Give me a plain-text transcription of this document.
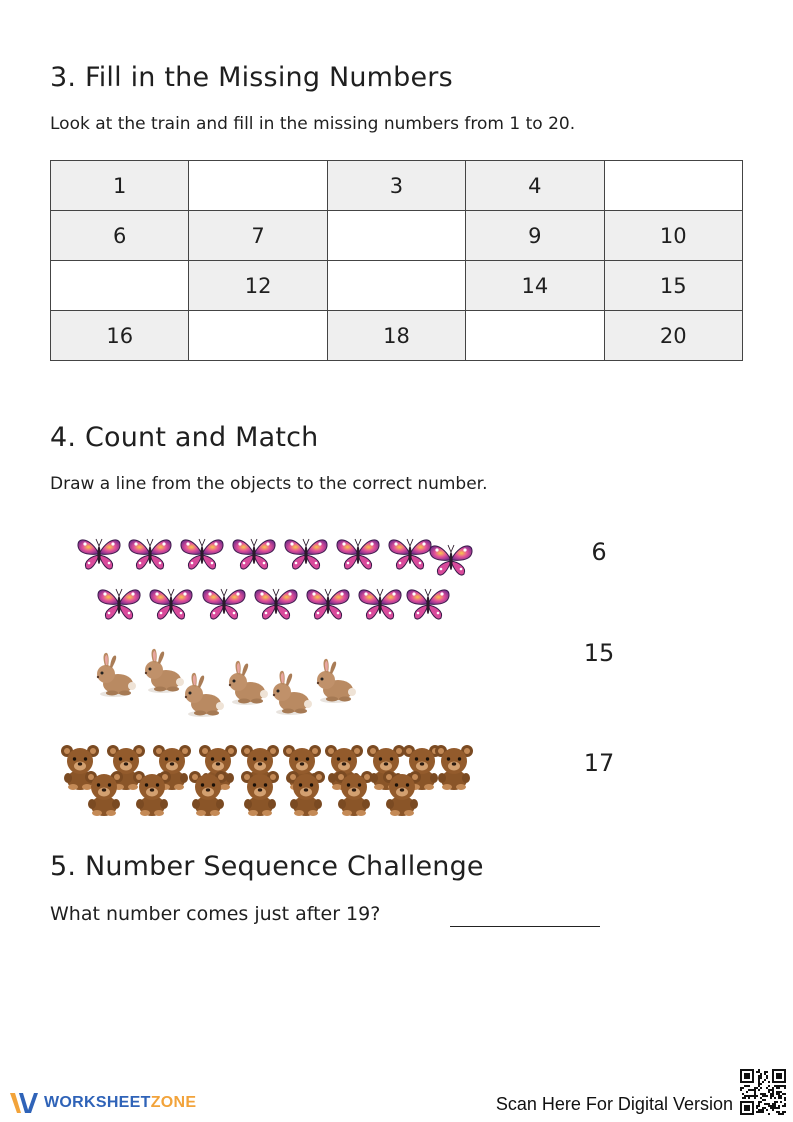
3. Fill in the Missing Numbers

Look at the train and fill in the missing numbers from 1 to 20.

1		3	4	
6	7		9	10
	12		14	15
16		18		20
4. Count and Match

Draw a line from the objects to the correct number.

6
15
17
5. Number Sequence Challenge

What number comes just after 19?

WORKSHEETZONE	Scan Here For Digital Version
